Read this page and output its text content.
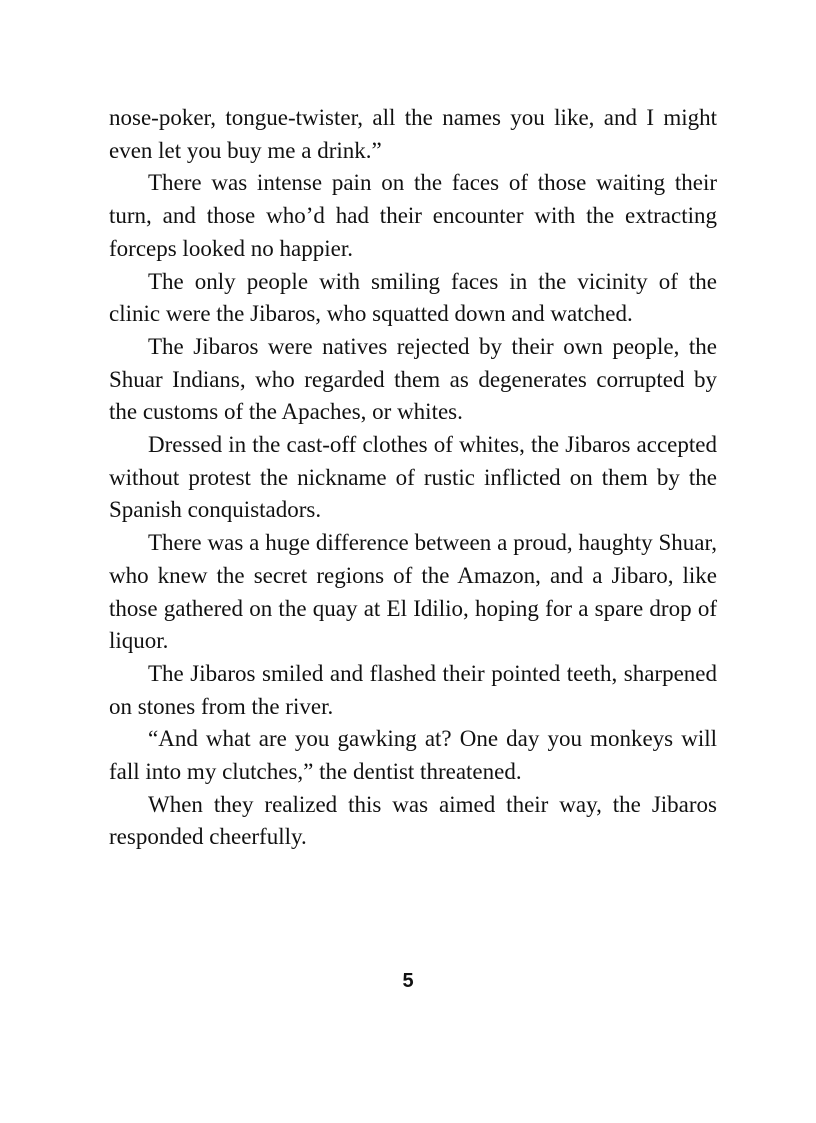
nose-poker, tongue-twister, all the names you like, and I might even let you buy me a drink.”

There was intense pain on the faces of those waiting their turn, and those who’d had their encounter with the extracting forceps looked no happier.

The only people with smiling faces in the vicinity of the clinic were the Jibaros, who squatted down and watched.

The Jibaros were natives rejected by their own people, the Shuar Indians, who regarded them as degenerates corrupted by the customs of the Apaches, or whites.

Dressed in the cast-off clothes of whites, the Jibaros accepted without protest the nickname of rustic inflicted on them by the Spanish conquistadors.

There was a huge difference between a proud, haughty Shuar, who knew the secret regions of the Amazon, and a Jibaro, like those gathered on the quay at El Idilio, hoping for a spare drop of liquor.

The Jibaros smiled and flashed their pointed teeth, sharpened on stones from the river.

“And what are you gawking at? One day you monkeys will fall into my clutches,” the dentist threatened.

When they realized this was aimed their way, the Jibaros responded cheerfully.

5
